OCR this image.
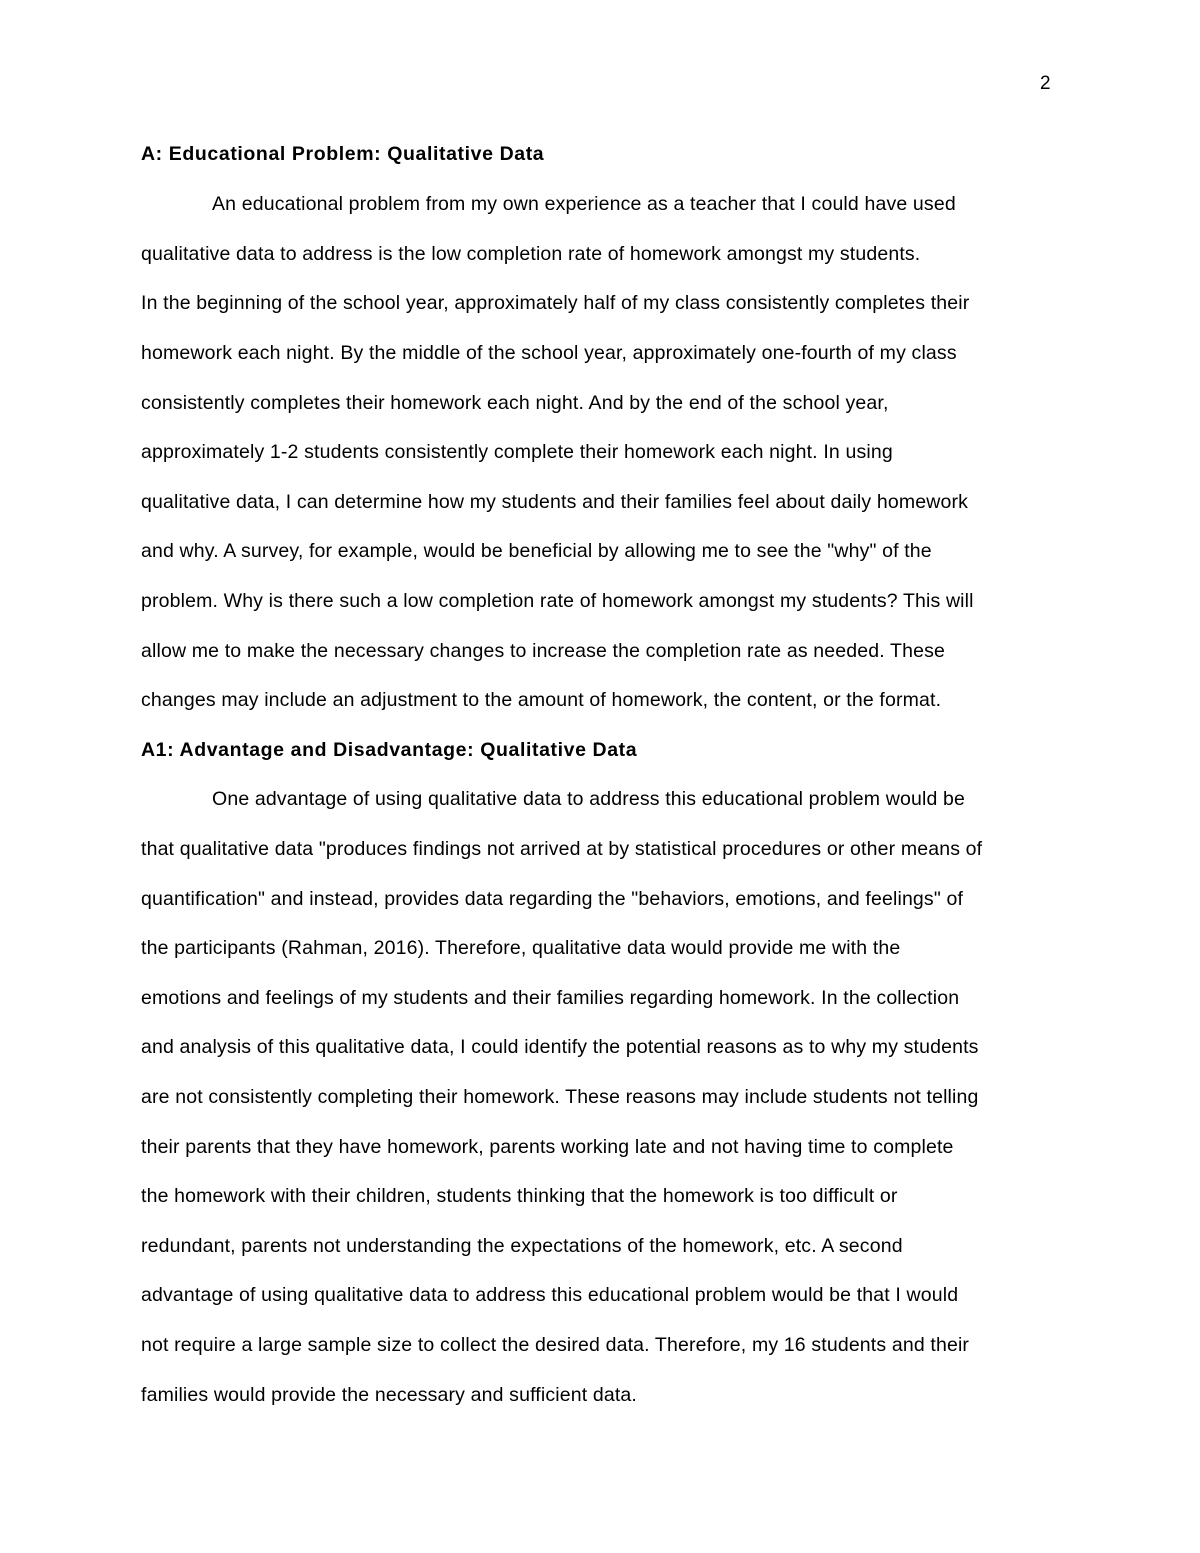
2
A: Educational Problem: Qualitative Data
An educational problem from my own experience as a teacher that I could have used
qualitative data to address is the low completion rate of homework amongst my students.
In the beginning of the school year, approximately half of my class consistently completes their
homework each night. By the middle of the school year, approximately one-fourth of my class
consistently completes their homework each night. And by the end of the school year,
approximately 1-2 students consistently complete their homework each night. In using
qualitative data, I can determine how my students and their families feel about daily homework
and why. A survey, for example, would be beneficial by allowing me to see the "why" of the
problem. Why is there such a low completion rate of homework amongst my students? This will
allow me to make the necessary changes to increase the completion rate as needed. These
changes may include an adjustment to the amount of homework, the content, or the format.
A1: Advantage and Disadvantage: Qualitative Data
One advantage of using qualitative data to address this educational problem would be
that qualitative data "produces findings not arrived at by statistical procedures or other means of
quantification" and instead, provides data regarding the "behaviors, emotions, and feelings" of
the participants (Rahman, 2016). Therefore, qualitative data would provide me with the
emotions and feelings of my students and their families regarding homework. In the collection
and analysis of this qualitative data, I could identify the potential reasons as to why my students
are not consistently completing their homework. These reasons may include students not telling
their parents that they have homework, parents working late and not having time to complete
the homework with their children, students thinking that the homework is too difficult or
redundant, parents not understanding the expectations of the homework, etc. A second
advantage of using qualitative data to address this educational problem would be that I would
not require a large sample size to collect the desired data. Therefore, my 16 students and their
families would provide the necessary and sufficient data.
